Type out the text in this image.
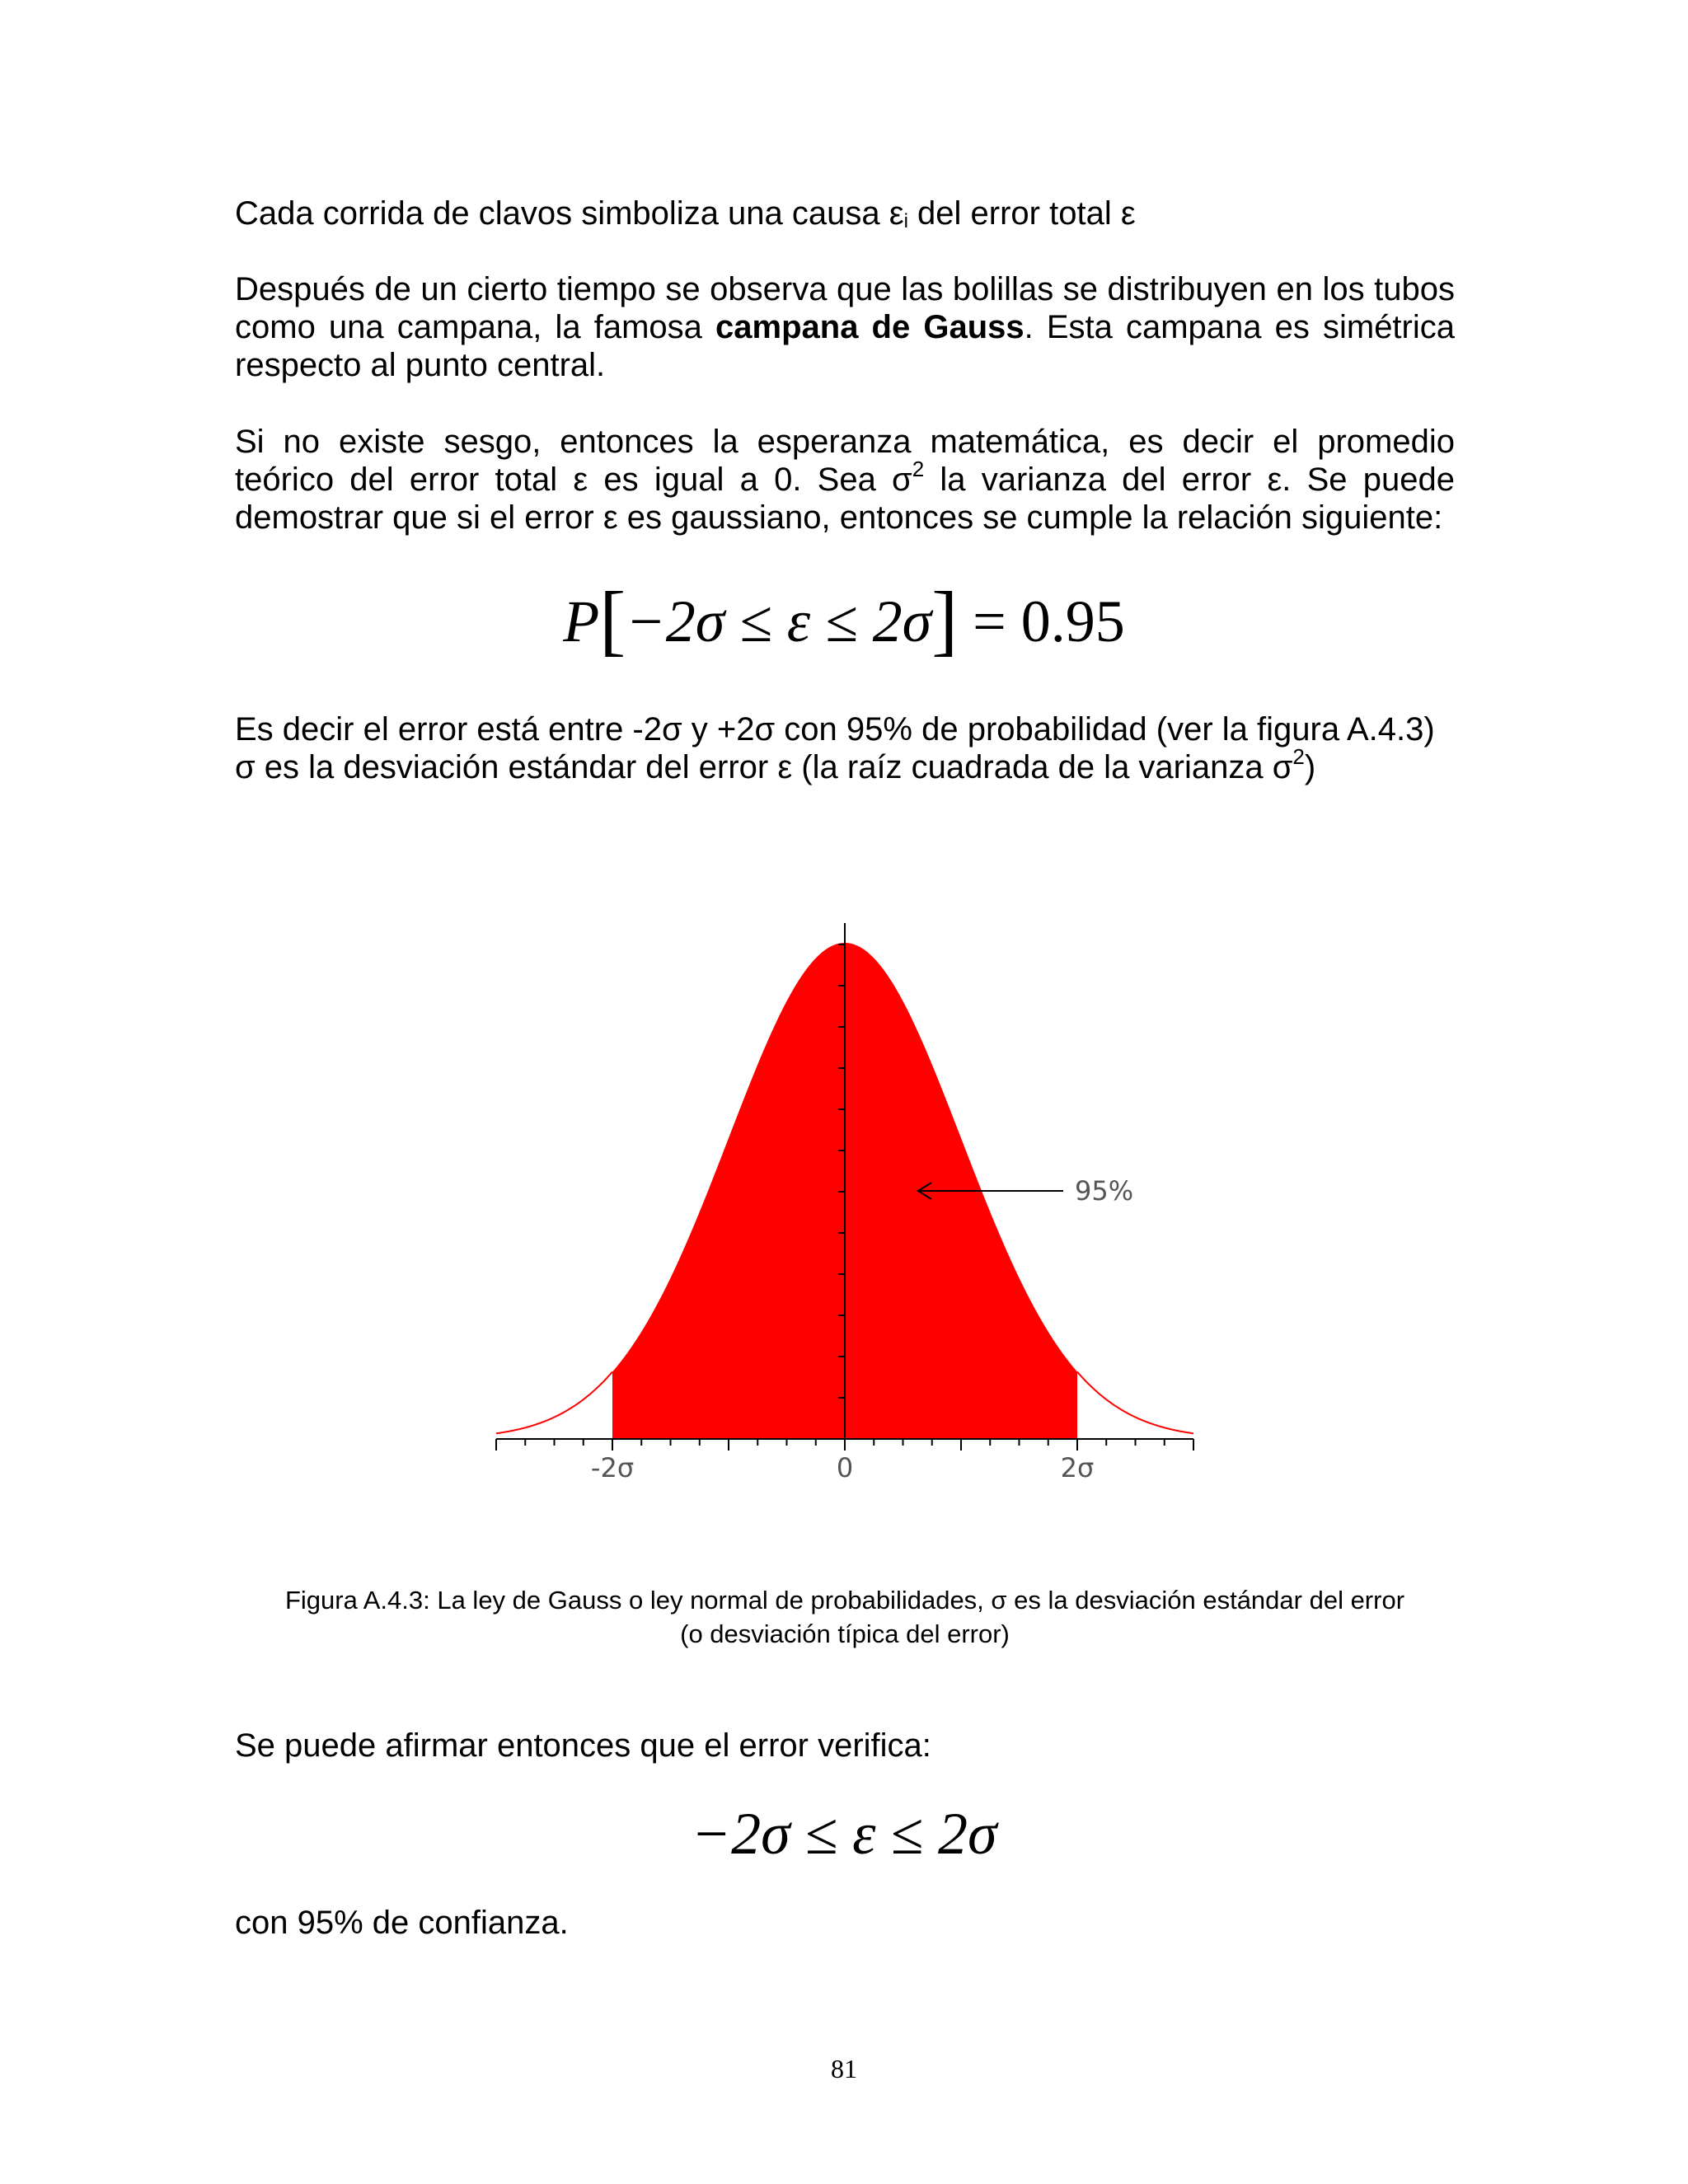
Cada corrida de clavos simboliza una causa εi del error total ε
Después de un cierto tiempo se observa que las bolillas se distribuyen en los tubos como una campana, la famosa campana de Gauss. Esta campana es simétrica respecto al punto central.
Si no existe sesgo, entonces la esperanza matemática, es decir el promedio teórico del error total ε es igual a 0. Sea $\sigma^2$ la varianza del error ε. Se puede demostrar que si el error ε es gaussiano, entonces se cumple la relación siguiente:
P[−2σ ≤ ε ≤ 2σ] = 0.95
Es decir el error está entre -2σ y +2σ con 95% de probabilidad (ver la figura A.4.3)
σ es la desviación estándar del error ε (la raíz cuadrada de la varianza $\sigma^2$)
-2σ	0	2σ
95%
Figura A.4.3: La ley de Gauss o ley normal de probabilidades, σ es la desviación estándar del error
(o desviación típica del error)
Se puede afirmar entonces que el error verifica:
−2σ ≤ ε ≤ 2σ
con 95% de confianza.
81
